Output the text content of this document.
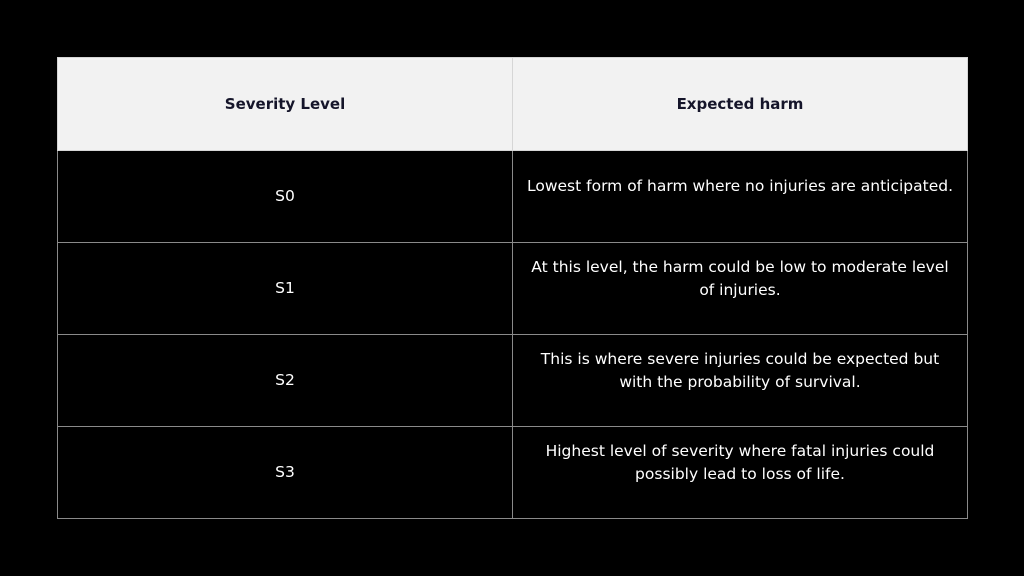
Severity Level	Expected harm
S0	Lowest form of harm where no injuries are anticipated.

S1	At this level, the harm could be low to moderate level of injuries.

S2	This is where severe injuries could be expected but with the probability of survival.

S3	Highest level of severity where fatal injuries could possibly lead to loss of life.
